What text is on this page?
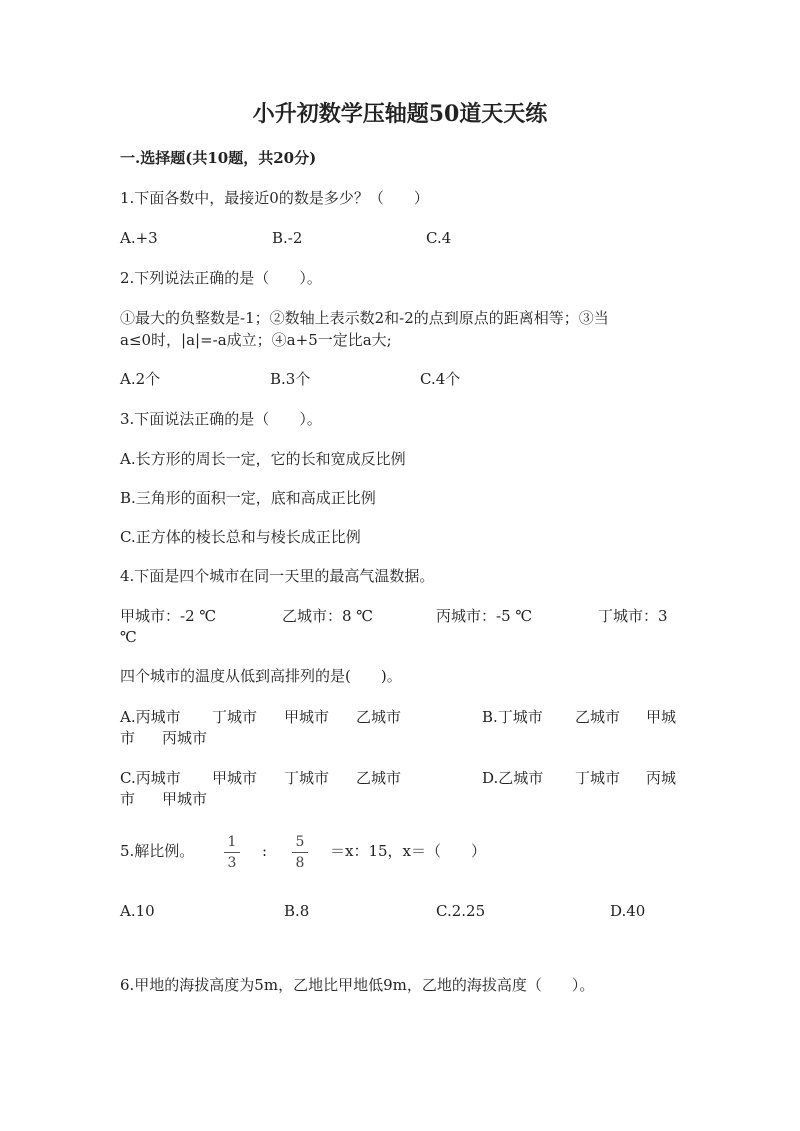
小升初数学压轴题50道天天练
一.选择题(共10题，共20分)
1.下面各数中，最接近0的数是多少？（　　）
A.+3	B.-2	C.4
2.下列说法正确的是（　　）。
①最大的负整数是-1；②数轴上表示数2和-2的点到原点的距离相等；③当
a≤0时，|a|=-a成立；④a+5一定比a大;
A.2个	B.3个	C.4个
3.下面说法正确的是（　　）。
A.长方形的周长一定，它的长和宽成反比例
B.三角形的面积一定，底和高成正比例
C.正方体的棱长总和与棱长成正比例
4.下面是四个城市在同一天里的最高气温数据。
甲城市：-2 ℃	乙城市：8 ℃	丙城市：-5 ℃	丁城市：3
℃
四个城市的温度从低到高排列的是(　　)。
A.丙城市 丁城市 甲城市 乙城市	B.丁城市 乙城市 甲城
市 丙城市
C.丙城市 甲城市 丁城市 乙城市	D.乙城市 丁城市 丙城
市 甲城市
5.解比例。 1
3
: 5
8
＝x：15，x＝（　　）
A.10	B.8	C.2.25	D.40
6.甲地的海拔高度为5m，乙地比甲地低9m，乙地的海拔高度（　　）。
